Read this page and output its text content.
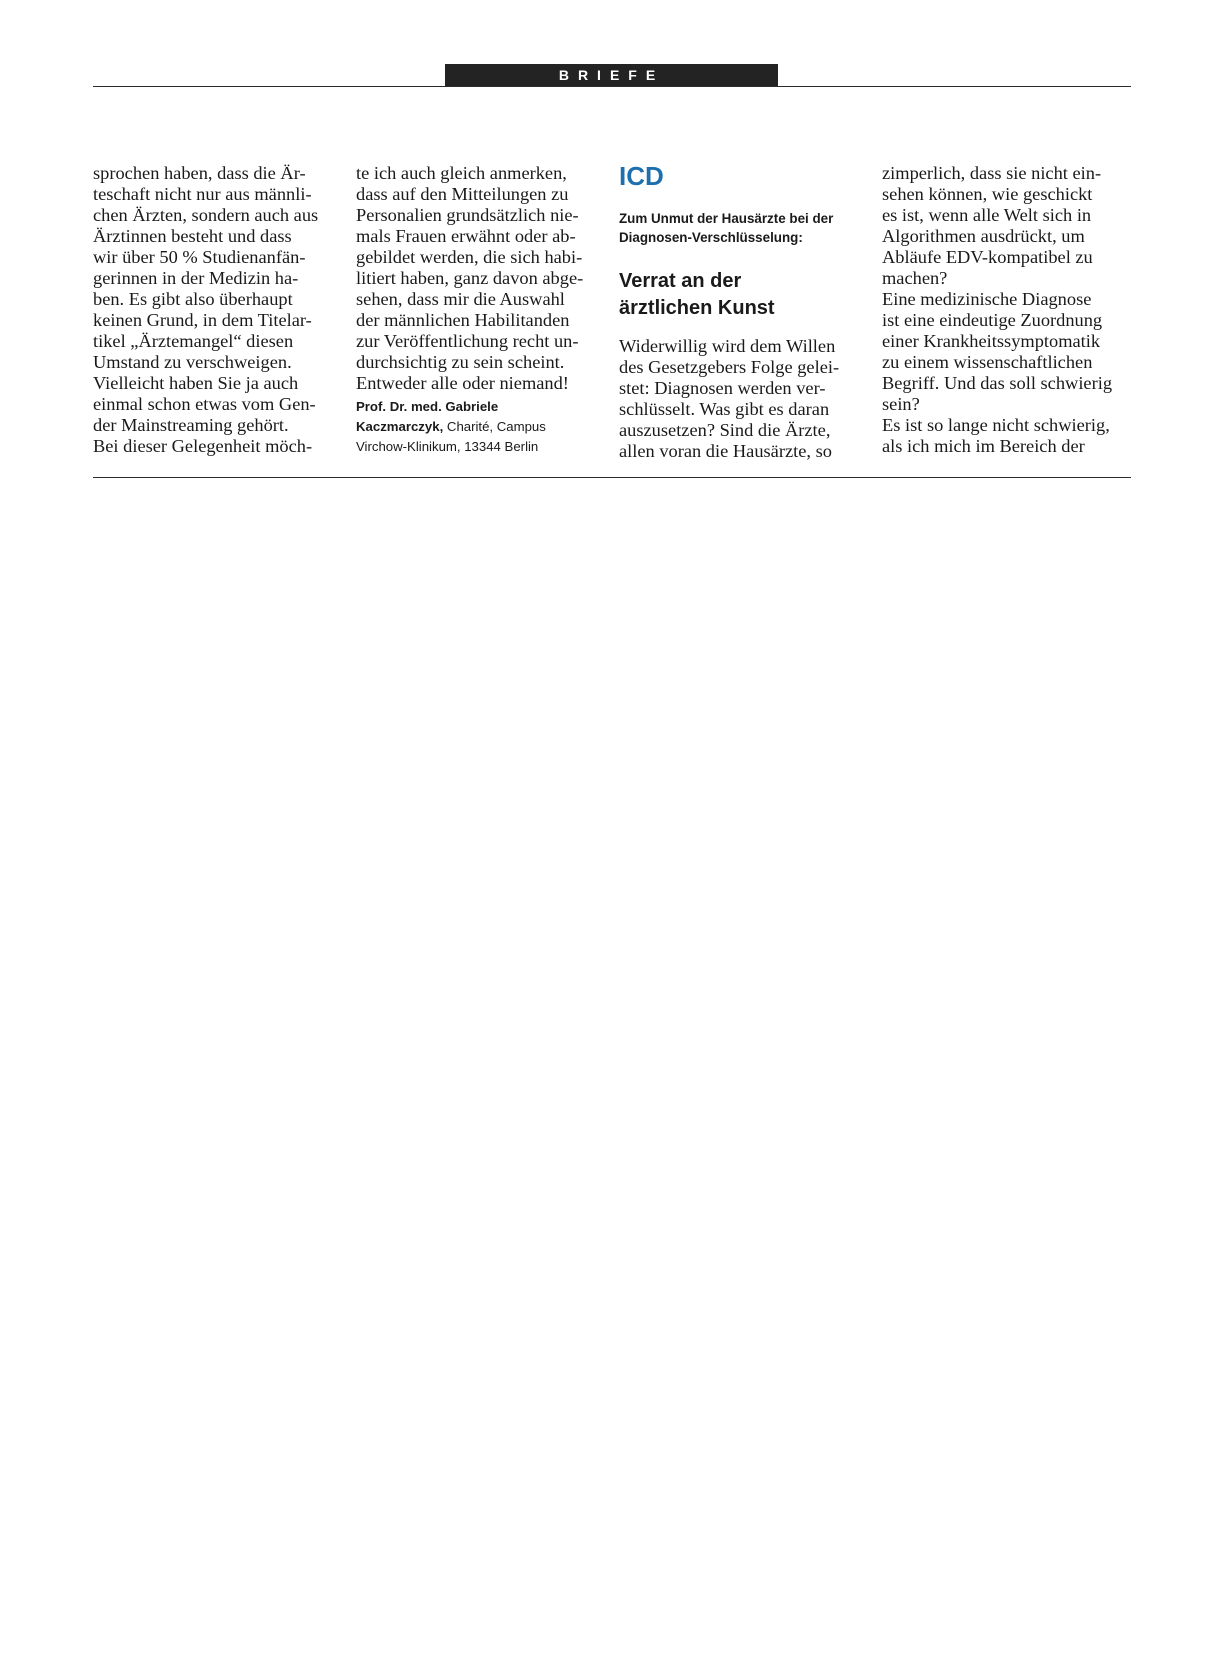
BRIEFE

sprochen haben, dass die Är-

teschaft nicht nur aus männli-

chen Ärzten, sondern auch aus

Ärztinnen besteht und dass

wir über 50 % Studienanfän-

gerinnen in der Medizin ha-

ben. Es gibt also überhaupt

keinen Grund, in dem Titelar-

tikel „Ärztemangel“ diesen

Umstand zu verschweigen.

Vielleicht haben Sie ja auch

einmal schon etwas vom Gen-

der Mainstreaming gehört.

Bei dieser Gelegenheit möch-

te ich auch gleich anmerken,

dass auf den Mitteilungen zu

Personalien grundsätzlich nie-

mals Frauen erwähnt oder ab-

gebildet werden, die sich habi-

litiert haben, ganz davon abge-

sehen, dass mir die Auswahl

der männlichen Habilitanden

zur Veröffentlichung recht un-

durchsichtig zu sein scheint.

Entweder alle oder niemand!

Prof. Dr. med. Gabriele
Kaczmarczyk, Charité, Campus
Virchow-Klinikum, 13344 Berlin
ICD
Zum Unmut der Hausärzte bei der
Diagnosen-Verschlüsselung:
Verrat an der
ärztlichen Kunst

Widerwillig wird dem Willen

des Gesetzgebers Folge gelei-

stet: Diagnosen werden ver-

schlüsselt. Was gibt es daran

auszusetzen? Sind die Ärzte,

allen voran die Hausärzte, so

zimperlich, dass sie nicht ein-

sehen können, wie geschickt

es ist, wenn alle Welt sich in

Algorithmen ausdrückt, um

Abläufe EDV-kompatibel zu

machen?

Eine medizinische Diagnose

ist eine eindeutige Zuordnung

einer Krankheitssymptomatik

zu einem wissenschaftlichen

Begriff. Und das soll schwierig

sein?

Es ist so lange nicht schwierig,

als ich mich im Bereich der
